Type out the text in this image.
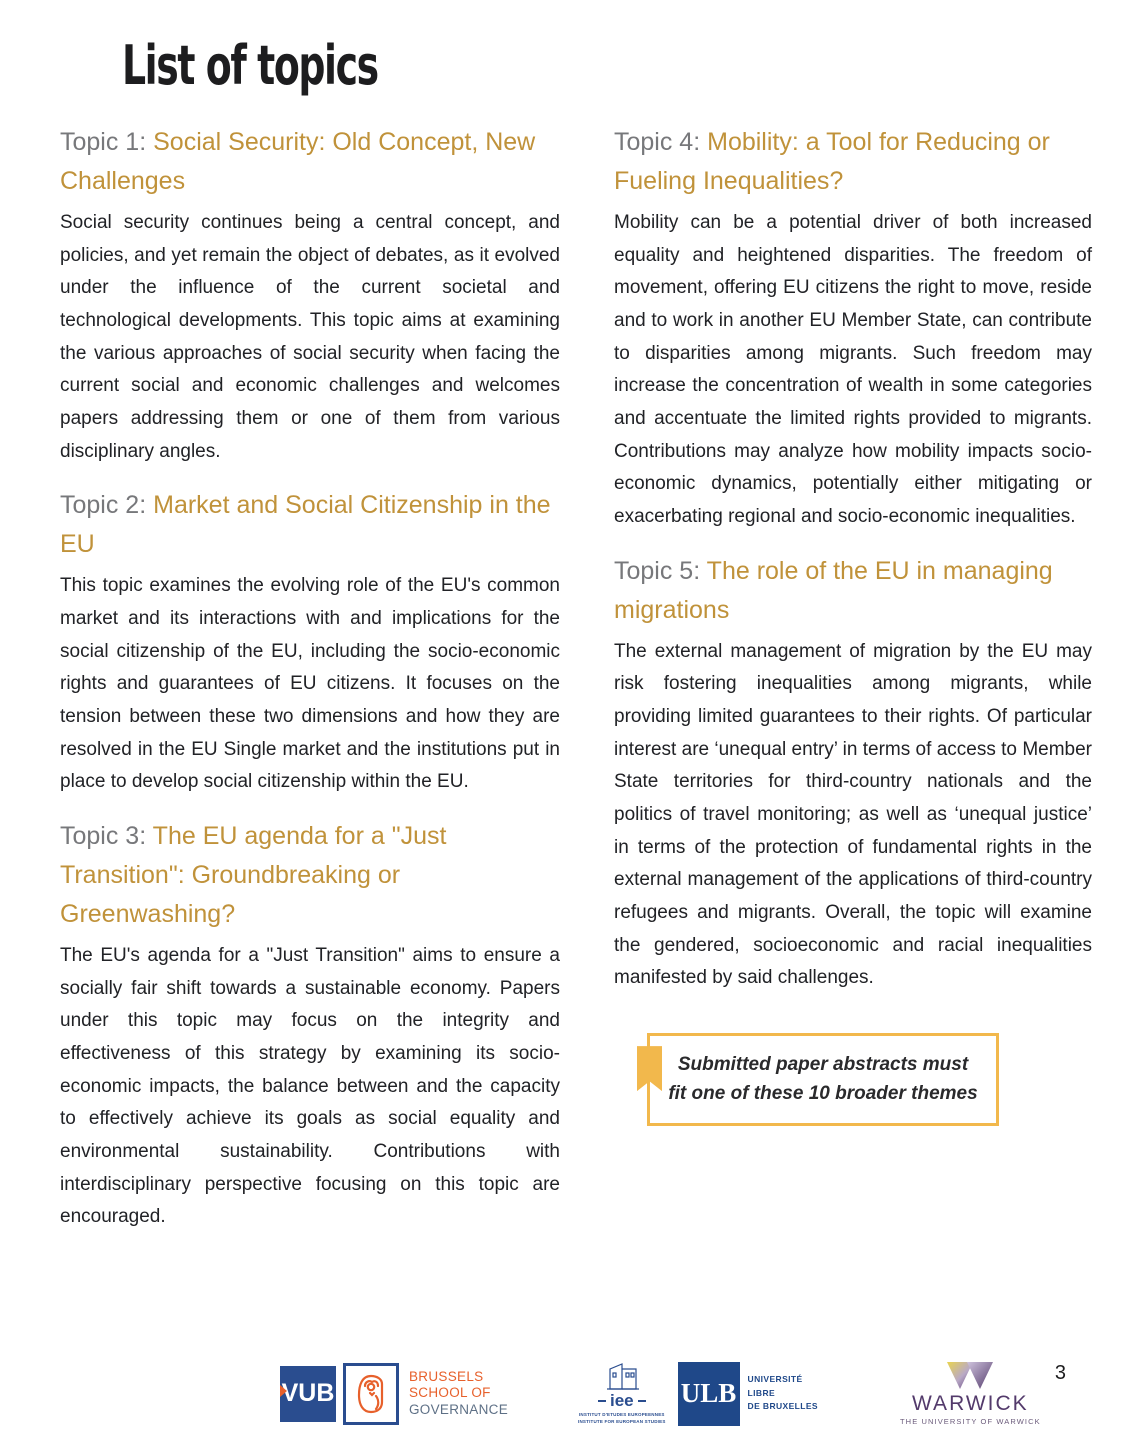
List of topics
Topic 1: Social Security: Old Concept, New Challenges

Social security continues being a central concept, and policies, and yet remain the object of debates, as it evolved under the influence of the current societal and technological developments. This topic aims at examining the various approaches of social security when facing the current social and economic challenges and welcomes papers addressing them or one of them from various disciplinary angles.

Topic 2: Market and Social Citizenship in the EU

This topic examines the evolving role of the EU's common market and its interactions with and implications for the social citizenship of the EU, including the socio-economic rights and guarantees of EU citizens. It focuses on the tension between these two dimensions and how they are resolved in the EU Single market and the institutions put in place to develop social citizenship within the EU.

Topic 3: The EU agenda for a "Just Transition": Groundbreaking or Greenwashing?

The EU's agenda for a "Just Transition" aims to ensure a socially fair shift towards a sustainable economy. Papers under this topic may focus on the integrity and effectiveness of this strategy by examining its socio-economic impacts, the balance between and the capacity to effectively achieve its goals as social equality and environmental sustainability. Contributions with interdisciplinary perspective focusing on this topic are encouraged.

Topic 4: Mobility: a Tool for Reducing or Fueling Inequalities?

Mobility can be a potential driver of both increased equality and heightened disparities. The freedom of movement, offering EU citizens the right to move, reside and to work in another EU Member State, can contribute to disparities among migrants. Such freedom may increase the concentration of wealth in some categories and accentuate the limited rights provided to migrants. Contributions may analyze how mobility impacts socio-economic dynamics, potentially either mitigating or exacerbating regional and socio-economic inequalities.

Topic 5: The role of the EU in managing migrations

The external management of migration by the EU may risk fostering inequalities among migrants, while providing limited guarantees to their rights. Of particular interest are ‘unequal entry’ in terms of access to Member State territories for third-country nationals and the politics of travel monitoring; as well as ‘unequal justice’ in terms of the protection of fundamental rights in the external management of the applications of third-country refugees and migrants. Overall, the topic will examine the gendered, socioeconomic and racial inequalities manifested by said challenges.

Submitted paper abstracts must fit one of these 10 broader themes
VUB
BRUSSELS
SCHOOL OF
GOVERNANCE	iee
INSTITUT D'ETUDES EUROPEENNES
INSTITUTE FOR EUROPEAN STUDIES
ULB UNIVERSITÉ
LIBRE
DE BRUXELLES	WARWICK
THE UNIVERSITY OF WARWICK
3
